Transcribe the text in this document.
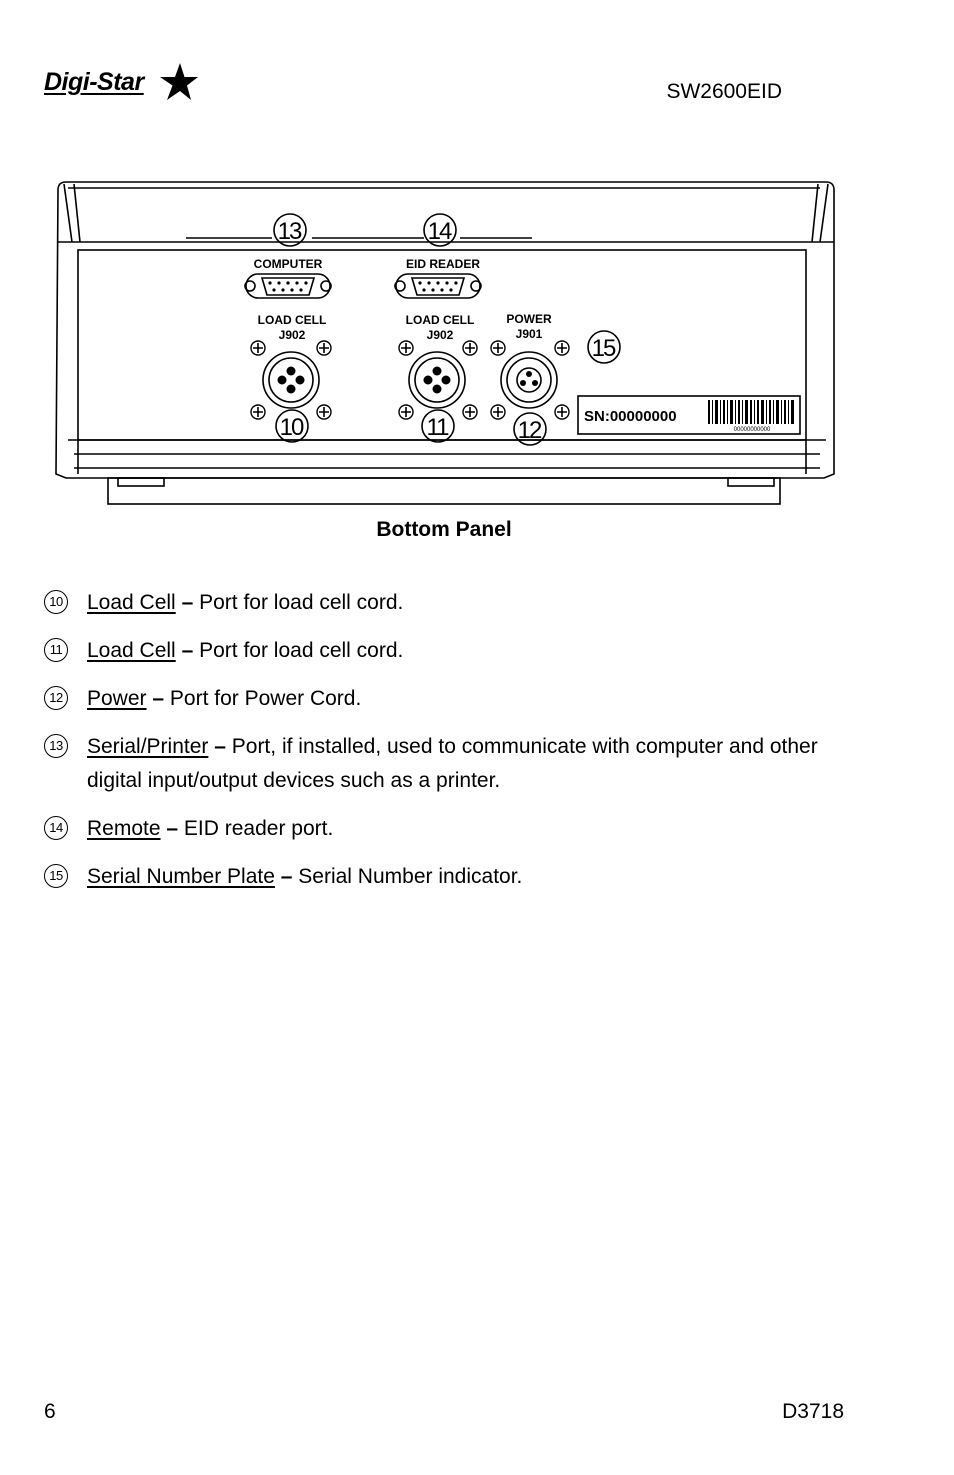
Digi-Star	SW2600EID
COMPUTER	EID READER
LOAD CELL
J902
LOAD CELL
J902
POWER
J901
SN:00000000
00000000000
13	14
15
10	11	12
Bottom Panel
10 Load Cell – Port for load cell cord.
11 Load Cell – Port for load cell cord.
12 Power – Port for Power Cord.
13 Serial/Printer – Port, if installed, used to communicate with computer and other digital input/output devices such as a printer.
14 Remote – EID reader port.
15 Serial Number Plate – Serial Number indicator.
6	D3718
